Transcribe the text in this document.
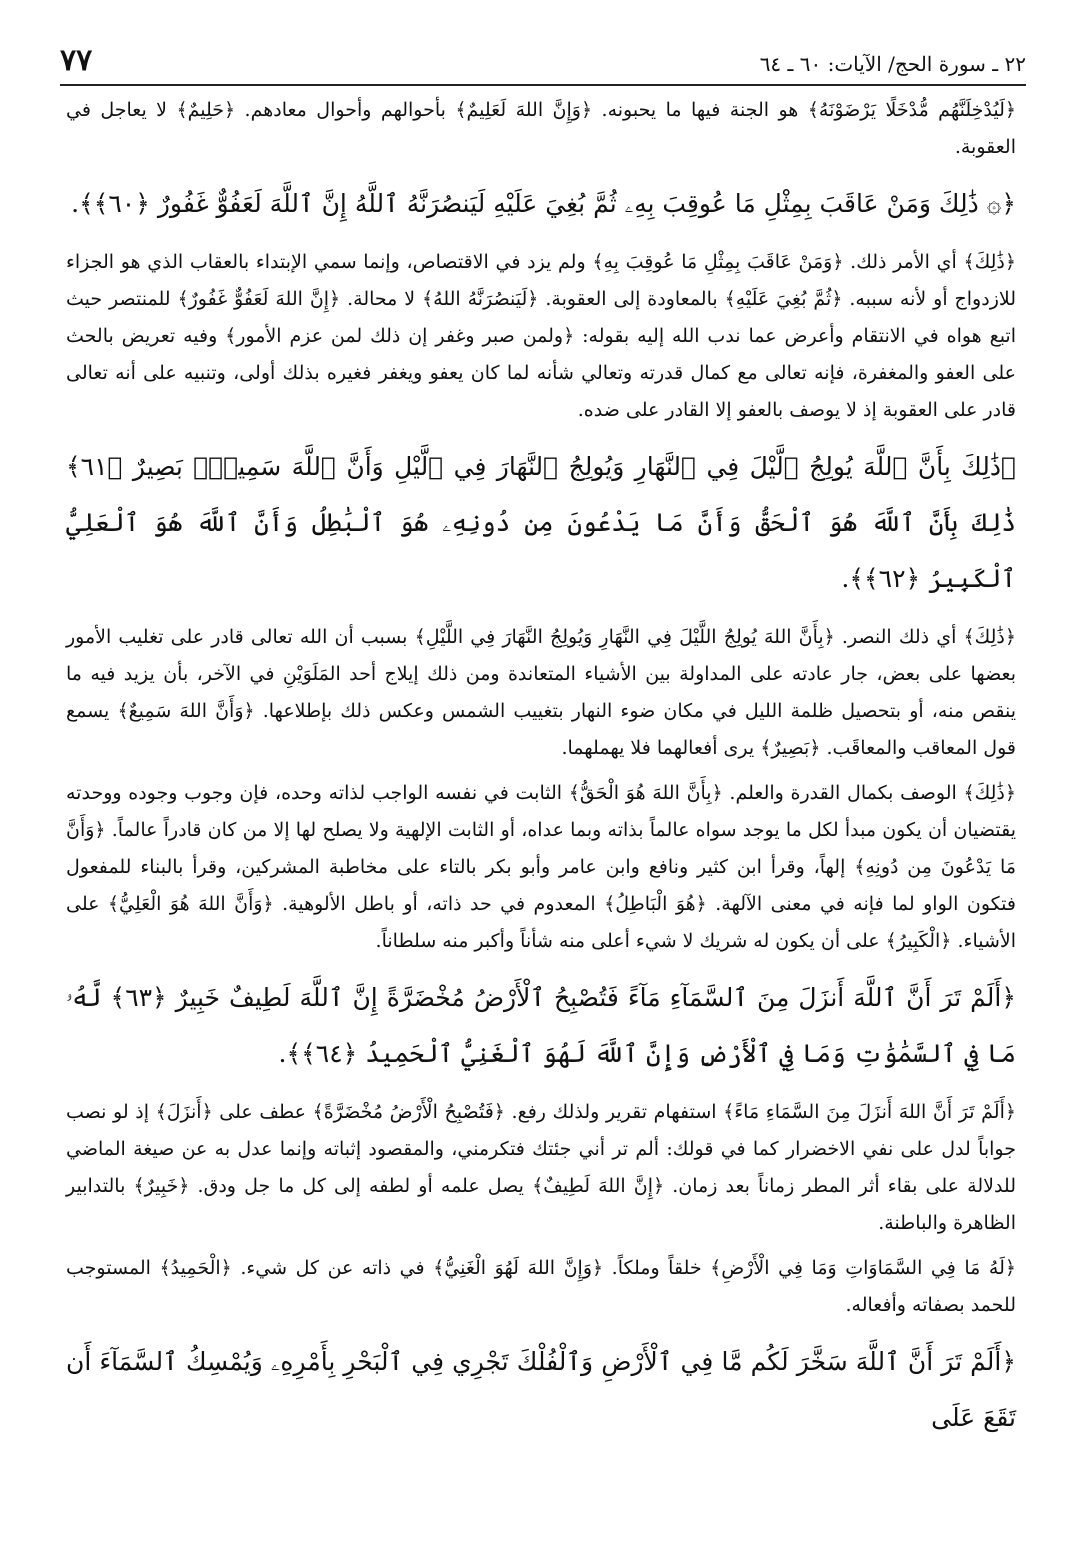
٧٧	٢٢ ـ سورة الحج/ الآيات: ٦٠ ـ ٦٤

﴿لَيُدْخِلَنَّهُم مُّدْخَلًا يَرْضَوْنَهُ﴾ هو الجنة فيها ما يحبونه. ﴿وَإِنَّ اللهَ لَعَلِيمٌ﴾ بأحوالهم وأحوال معادهم. ﴿حَلِيمٌ﴾ لا يعاجل في العقوبة.

﴿۞ ذَٰلِكَ وَمَنْ عَاقَبَ بِمِثْلِ مَا عُوقِبَ بِهِۦ ثُمَّ بُغِيَ عَلَيْهِ لَيَنصُرَنَّهُ ٱللَّهُ إِنَّ ٱللَّهَ لَعَفُوٌّ غَفُورٌ ﴿٦٠﴾﴾.

﴿ذَٰلِكَ﴾ أي الأمر ذلك. ﴿وَمَنْ عَاقَبَ بِمِثْلِ مَا عُوقِبَ بِهِ﴾ ولم يزد في الاقتصاص، وإنما سمي الإبتداء بالعقاب الذي هو الجزاء للازدواج أو لأنه سببه. ﴿ثُمَّ بُغِيَ عَلَيْهِ﴾ بالمعاودة إلى العقوبة. ﴿لَيَنصُرَنَّهُ اللهُ﴾ لا محالة. ﴿إِنَّ اللهَ لَعَفُوٌّ غَفُورٌ﴾ للمنتصر حيث اتبع هواه في الانتقام وأعرض عما ندب الله إليه بقوله: ﴿ولمن صبر وغفر إن ذلك لمن عزم الأمور﴾ وفيه تعريض بالحث على العفو والمغفرة، فإنه تعالى مع كمال قدرته وتعالي شأنه لما كان يعفو ويغفر فغيره بذلك أولى، وتنبيه على أنه تعالى قادر على العقوبة إذ لا يوصف بالعفو إلا القادر على ضده.

﴿ذَٰلِكَ بِأَنَّ ٱللَّهَ يُولِجُ ٱلَّيْلَ فِي ٱلنَّهَارِ وَيُولِجُ ٱلنَّهَارَ فِي ٱلَّيْلِ وَأَنَّ ٱللَّهَ سَمِيعٌۢ بَصِيرٌ ﴿٦١﴾ ذَٰلِكَ بِأَنَّ ٱللَّهَ هُوَ ٱلْحَقُّ وَأَنَّ مَا يَدْعُونَ مِن دُونِهِۦ هُوَ ٱلْبَٰطِلُ وَأَنَّ ٱللَّهَ هُوَ ٱلْعَلِيُّ ٱلْكَبِيرُ ﴿٦٢﴾﴾.

﴿ذَٰلِكَ﴾ أي ذلك النصر. ﴿بِأَنَّ اللهَ يُولِجُ اللَّيْلَ فِي النَّهَارِ وَيُولِجُ النَّهَارَ فِي اللَّيْلِ﴾ بسبب أن الله تعالى قادر على تغليب الأمور بعضها على بعض، جار عادته على المداولة بين الأشياء المتعاندة ومن ذلك إيلاج أحد المَلَوَيْنِ في الآخر، بأن يزيد فيه ما ينقص منه، أو بتحصيل ظلمة الليل في مكان ضوء النهار بتغييب الشمس وعكس ذلك بإطلاعها. ﴿وَأَنَّ اللهَ سَمِيعٌ﴾ يسمع قول المعاقب والمعاقَب. ﴿بَصِيرٌ﴾ يرى أفعالهما فلا يهملهما.

﴿ذَٰلِكَ﴾ الوصف بكمال القدرة والعلم. ﴿بِأَنَّ اللهَ هُوَ الْحَقُّ﴾ الثابت في نفسه الواجب لذاته وحده، فإن وجوب وجوده ووحدته يقتضيان أن يكون مبدأ لكل ما يوجد سواه عالماً بذاته وبما عداه، أو الثابت الإلهية ولا يصلح لها إلا من كان قادراً عالماً. ﴿وَأَنَّ مَا يَدْعُونَ مِن دُونِهِ﴾ إلهاً، وقرأ ابن كثير ونافع وابن عامر وأبو بكر بالتاء على مخاطبة المشركين، وقرأ بالبناء للمفعول فتكون الواو لما فإنه في معنى الآلهة. ﴿هُوَ الْبَاطِلُ﴾ المعدوم في حد ذاته، أو باطل الألوهية. ﴿وَأَنَّ اللهَ هُوَ الْعَلِيُّ﴾ على الأشياء. ﴿الْكَبِيرُ﴾ على أن يكون له شريك لا شيء أعلى منه شأناً وأكبر منه سلطاناً.

﴿أَلَمْ تَرَ أَنَّ ٱللَّهَ أَنزَلَ مِنَ ٱلسَّمَآءِ مَآءً فَتُصْبِحُ ٱلْأَرْضُ مُخْضَرَّةً إِنَّ ٱللَّهَ لَطِيفٌ خَبِيرٌ ﴿٦٣﴾ لَّهُۥ مَا فِي ٱلسَّمَٰوَٰتِ وَمَا فِي ٱلْأَرْضِ وَإِنَّ ٱللَّهَ لَهُوَ ٱلْغَنِيُّ ٱلْحَمِيدُ ﴿٦٤﴾﴾.

﴿أَلَمْ تَرَ أَنَّ اللهَ أَنزَلَ مِنَ السَّمَاءِ مَاءً﴾ استفهام تقرير ولذلك رفع. ﴿فَتُصْبِحُ الْأَرْضُ مُخْضَرَّةً﴾ عطف على ﴿أَنزَلَ﴾ إذ لو نصب جواباً لدل على نفي الاخضرار كما في قولك: ألم تر أني جئتك فتكرمني، والمقصود إثباته وإنما عدل به عن صيغة الماضي للدلالة على بقاء أثر المطر زماناً بعد زمان. ﴿إِنَّ اللهَ لَطِيفٌ﴾ يصل علمه أو لطفه إلى كل ما جل ودق. ﴿خَبِيرٌ﴾ بالتدابير الظاهرة والباطنة.

﴿لَهُ مَا فِي السَّمَاوَاتِ وَمَا فِي الْأَرْضِ﴾ خلقاً وملكاً. ﴿وَإِنَّ اللهَ لَهُوَ الْغَنِيُّ﴾ في ذاته عن كل شيء. ﴿الْحَمِيدُ﴾ المستوجب للحمد بصفاته وأفعاله.

﴿أَلَمْ تَرَ أَنَّ ٱللَّهَ سَخَّرَ لَكُم مَّا فِي ٱلْأَرْضِ وَٱلْفُلْكَ تَجْرِي فِي ٱلْبَحْرِ بِأَمْرِهِۦ وَيُمْسِكُ ٱلسَّمَآءَ أَن تَقَعَ عَلَى
